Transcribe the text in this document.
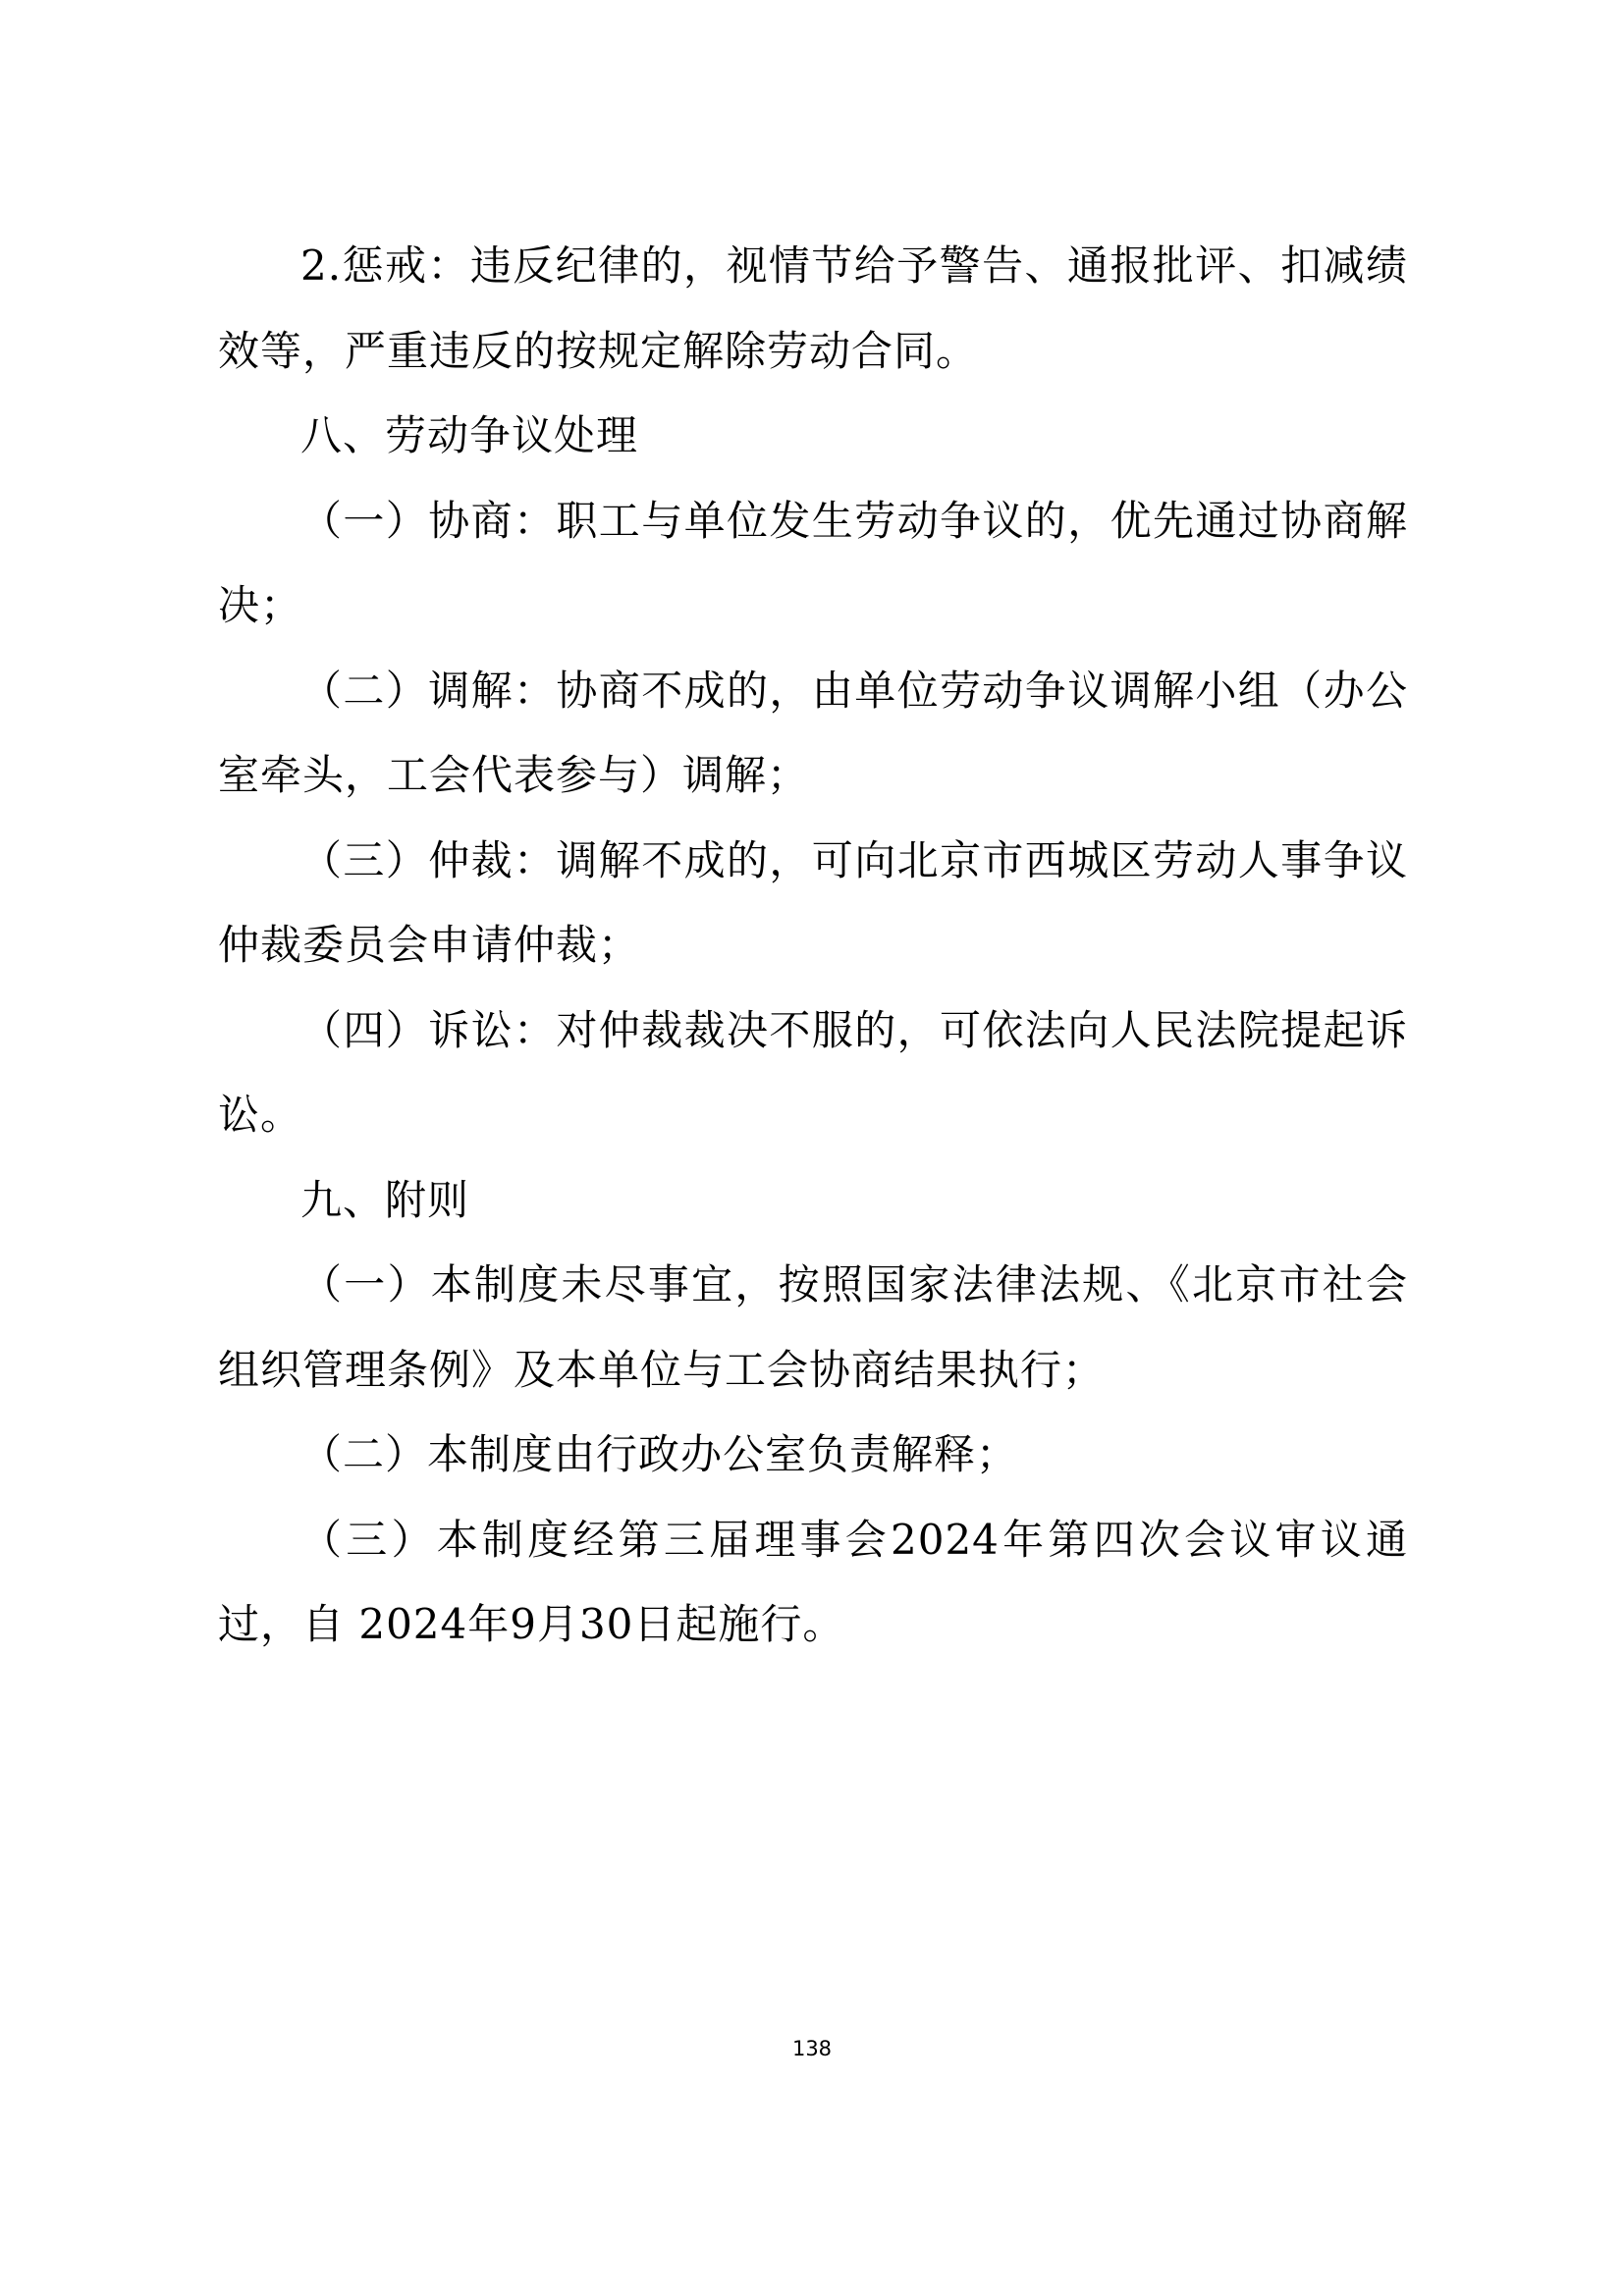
2.惩戒：违反纪律的，视情节给予警告、通报批评、扣减绩效等，严重违反的按规定解除劳动合同。

八、劳动争议处理

（一）协商：职工与单位发生劳动争议的，优先通过协商解决；

（二）调解：协商不成的，由单位劳动争议调解小组（办公室牵头，工会代表参与）调解；

（三）仲裁：调解不成的，可向北京市西城区劳动人事争议仲裁委员会申请仲裁；

（四）诉讼：对仲裁裁决不服的，可依法向人民法院提起诉讼。

九、附则

（一）本制度未尽事宜，按照国家法律法规、《北京市社会组织管理条例》及本单位与工会协商结果执行；

（二）本制度由行政办公室负责解释；

（三）本制度经第三届理事会2024年第四次会议审议通过，自 2024年9月30日起施行。

138
